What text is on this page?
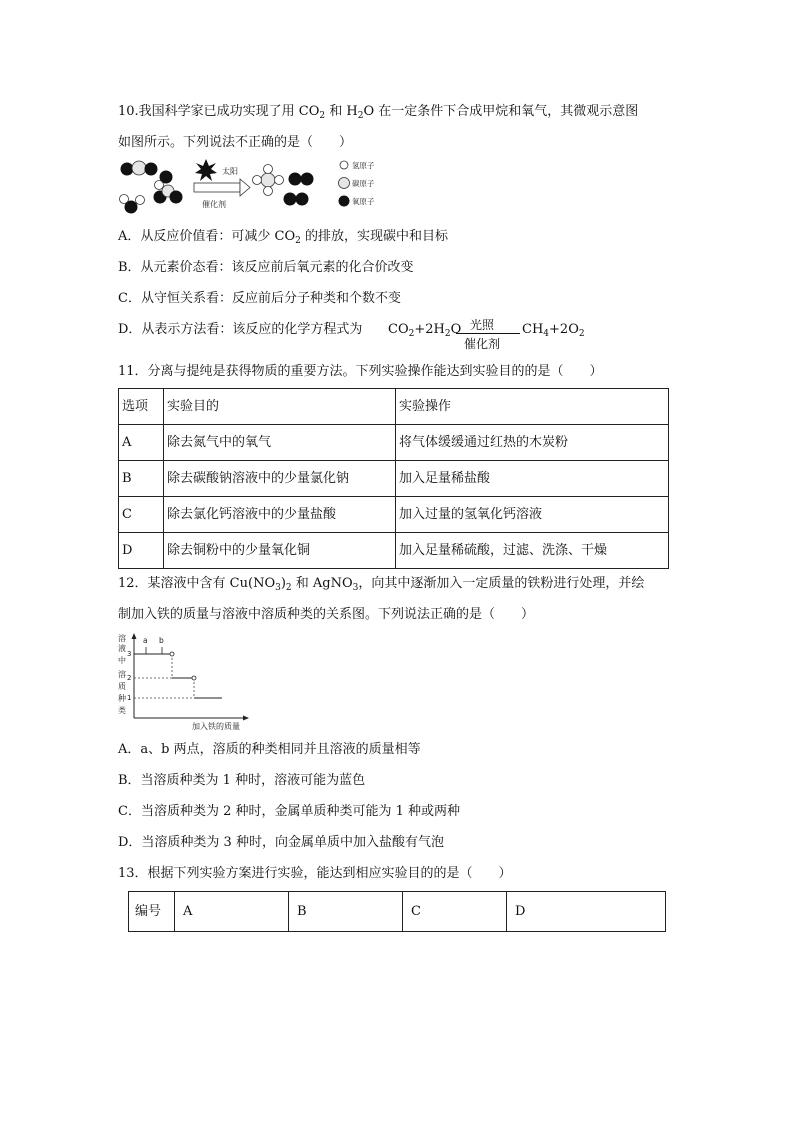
10.我国科学家已成功实现了用 $CO_2$ 和 $H_2O$ 在一定条件下合成甲烷和氧气，其微观示意图
如图所示。下列说法不正确的是（　　）
太阳
催化剂
氢原子
碳原子
氧原子
A．从反应价值看：可减少 $CO_2$ 的排放，实现碳中和目标
B．从元素价态看：该反应前后氧元素的化合价改变
C．从守恒关系看：反应前后分子种类和个数不变
D．从表示方法看：该反应的化学方程式为 $CO_2+2H_2O$ 光照
催化剂
$CH_4+2O_2$
11．分离与提纯是获得物质的重要方法。下列实验操作能达到实验目的的是（　　）
选项	实验目的	实验操作
A	除去氮气中的氧气	将气体缓缓通过红热的木炭粉
B	除去碳酸钠溶液中的少量氯化钠	加入足量稀盐酸
C	除去氯化钙溶液中的少量盐酸	加入过量的氢氧化钙溶液
D	除去铜粉中的少量氧化铜	加入足量稀硫酸，过滤、洗涤、干燥
12．某溶液中含有 $Cu(NO_3)_2$ 和 AgNO$_3$，向其中逐渐加入一定质量的铁粉进行处理，并绘
制加入铁的质量与溶液中溶质种类的关系图。下列说法正确的是（　　）
溶
液
中
溶
质
种
类
3
2
1
a b
加入铁的质量
A．a、b 两点，溶质的种类相同并且溶液的质量相等
B．当溶质种类为 1 种时，溶液可能为蓝色
C．当溶质种类为 2 种时，金属单质种类可能为 1 种或两种
D．当溶质种类为 3 种时，向金属单质中加入盐酸有气泡
13．根据下列实验方案进行实验，能达到相应实验目的的是（　　）
编号	A	B	C	D
